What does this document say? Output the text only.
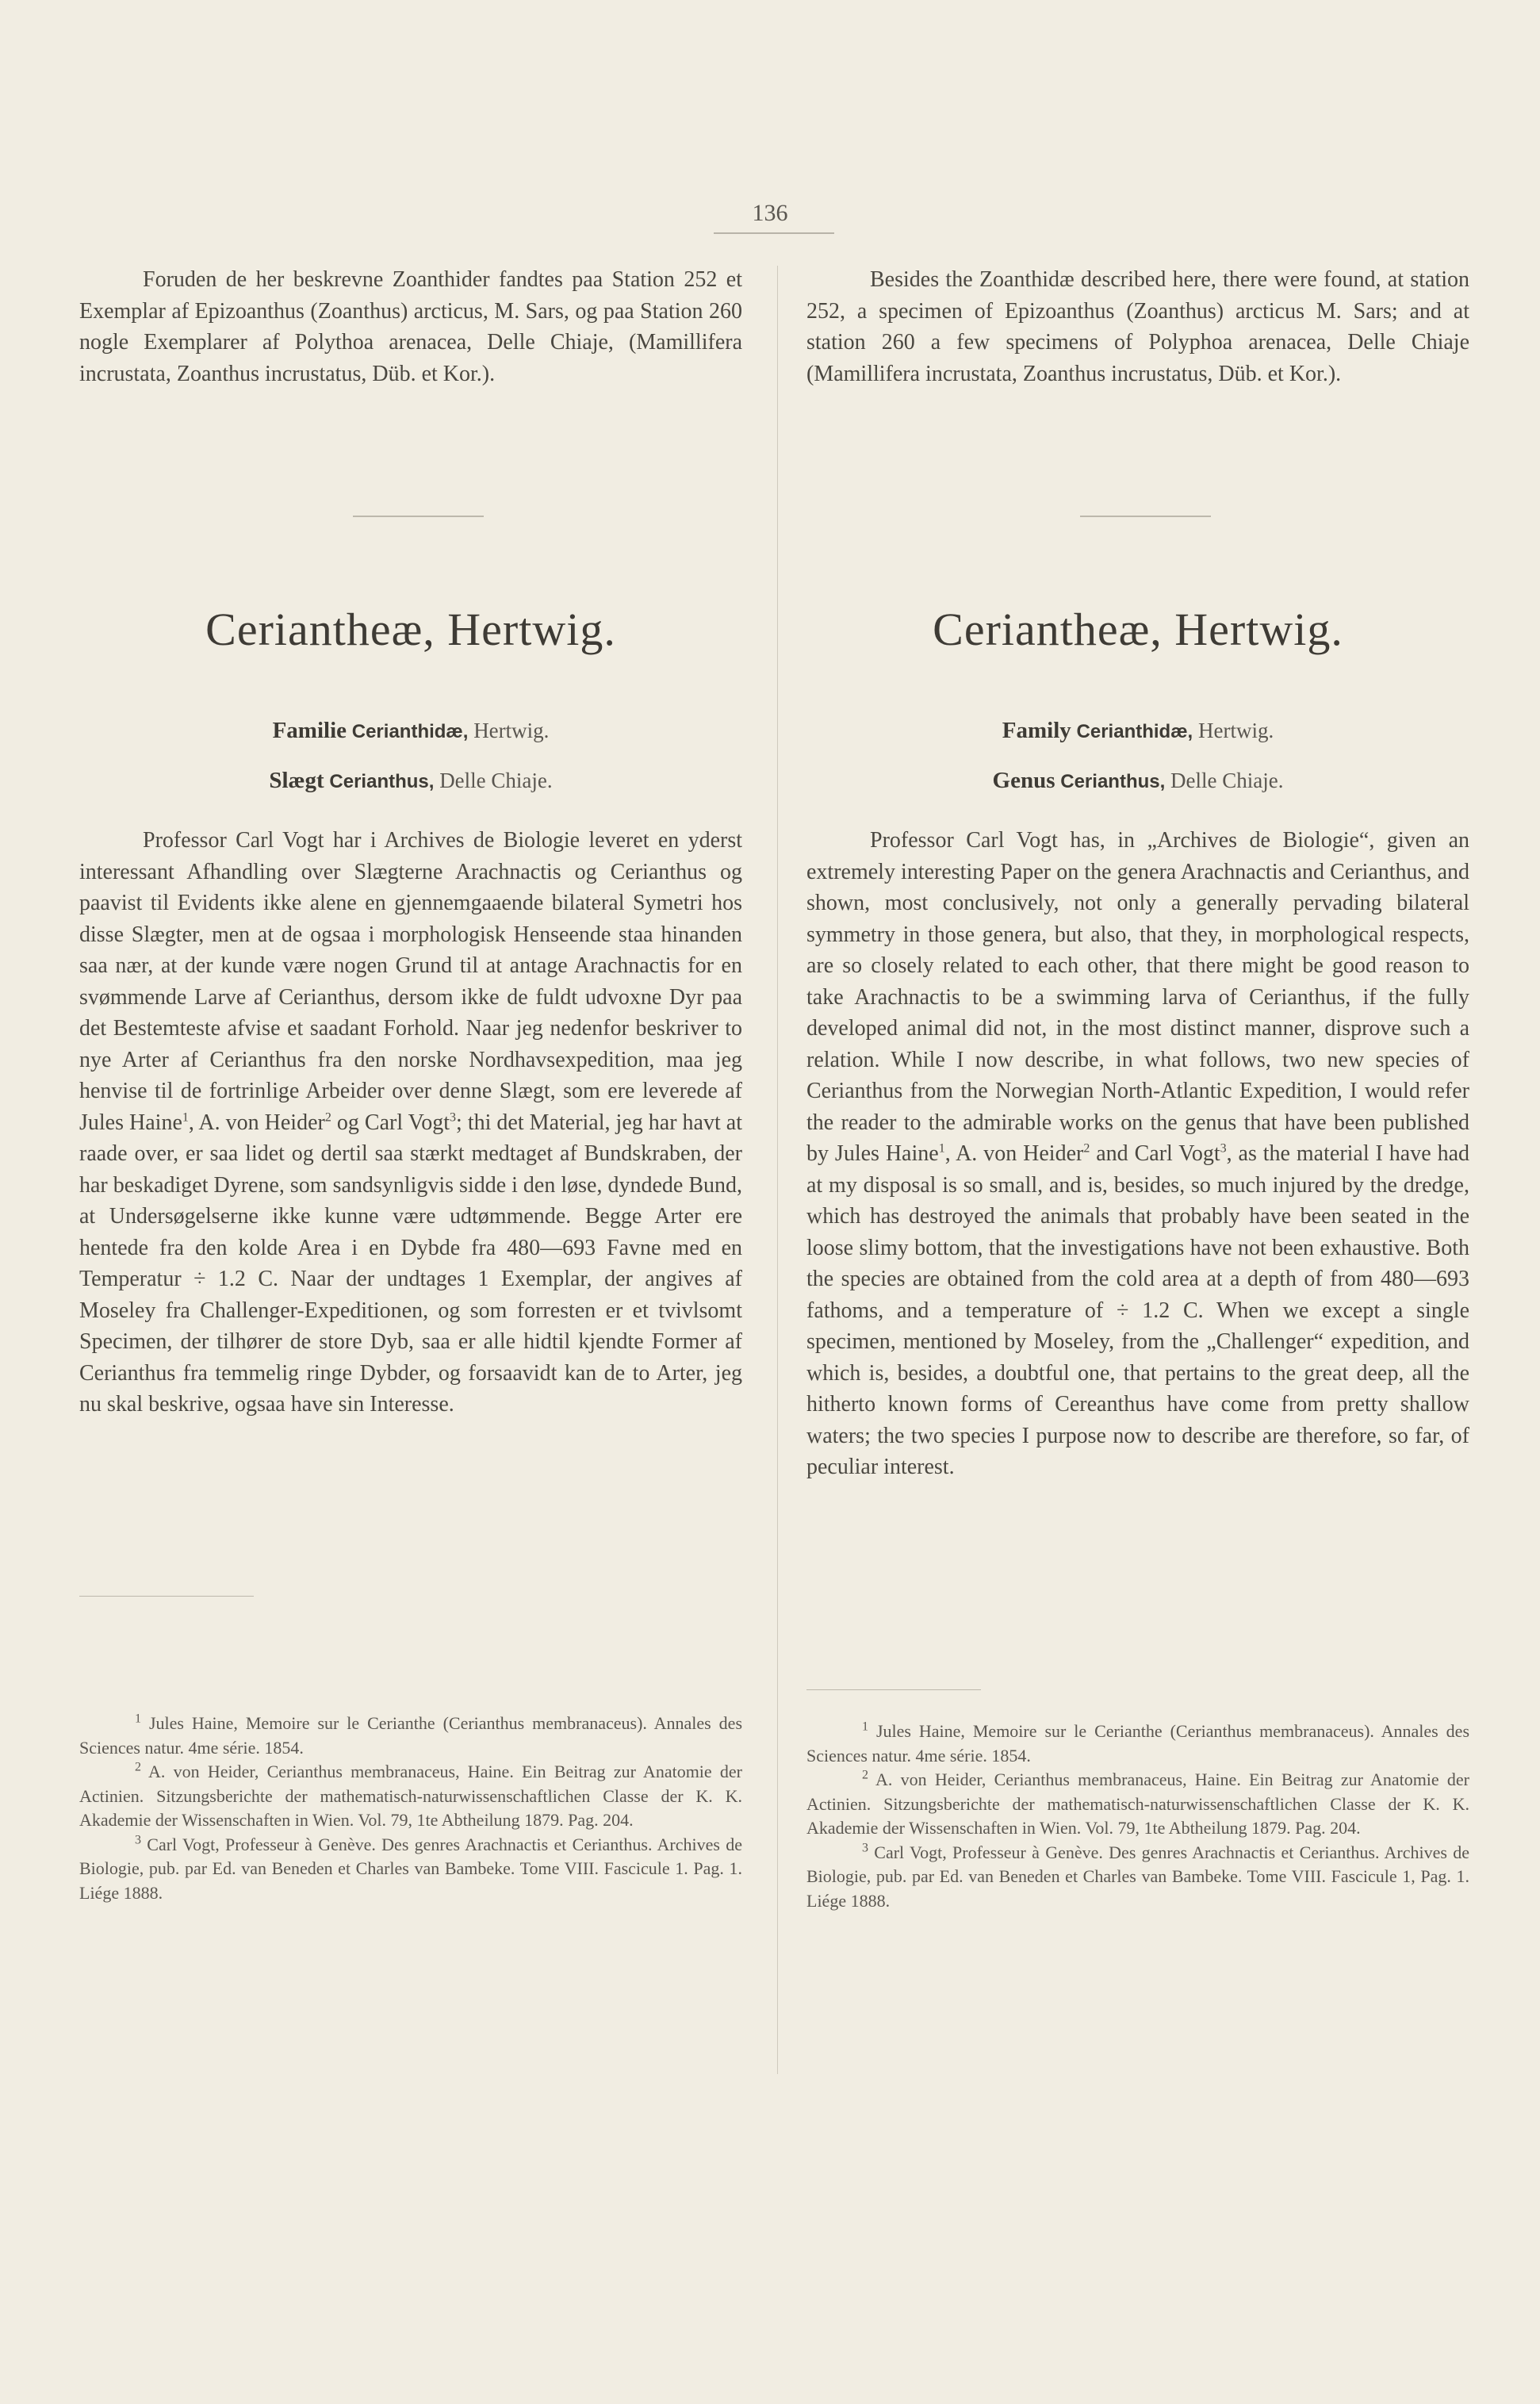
136

Foruden de her beskrevne Zoanthider fandtes paa Station 252 et Exemplar af Epizoanthus (Zoanthus) arcticus, M. Sars, og paa Station 260 nogle Exemplarer af Polythoa arenacea, Delle Chiaje, (Mamillifera incrustata, Zoanthus incrustatus, Düb. et Kor.).

Ceriantheæ, Hertwig.
Familie Cerianthidæ, Hertwig.
Slægt Cerianthus, Delle Chiaje.

Professor Carl Vogt har i Archives de Biologie leveret en yderst interessant Afhandling over Slægterne Arachnactis og Cerianthus og paavist til Evidents ikke alene en gjennemgaaende bilateral Symetri hos disse Slægter, men at de ogsaa i morphologisk Henseende staa hinanden saa nær, at der kunde være nogen Grund til at antage Arachnactis for en svømmende Larve af Cerianthus, dersom ikke de fuldt udvoxne Dyr paa det Bestemteste afvise et saadant Forhold. Naar jeg nedenfor beskriver to nye Arter af Cerianthus fra den norske Nordhavsexpedition, maa jeg henvise til de fortrinlige Arbeider over denne Slægt, som ere leverede af Jules Haine$^1$, A. von Heider$^2$ og Carl Vogt$^3$; thi det Material, jeg har havt at raade over, er saa lidet og dertil saa stærkt medtaget af Bundskraben, der har beskadiget Dyrene, som sandsynligvis sidde i den løse, dyndede Bund, at Undersøgelserne ikke kunne være udtømmende. Begge Arter ere hentede fra den kolde Area i en Dybde fra 480—693 Favne med en Temperatur ÷ 1.2 C. Naar der undtages 1 Exemplar, der angives af Moseley fra Challenger-Expeditionen, og som forresten er et tvivlsomt Specimen, der tilhører de store Dyb, saa er alle hidtil kjendte Former af Cerianthus fra temmelig ringe Dybder, og forsaavidt kan de to Arter, jeg nu skal beskrive, ogsaa have sin Interesse.

$^1$ Jules Haine, Memoire sur le Cerianthe (Cerianthus membranaceus). Annales des Sciences natur. 4me série. 1854.

$^2$ A. von Heider, Cerianthus membranaceus, Haine. Ein Beitrag zur Anatomie der Actinien. Sitzungsberichte der mathematisch-naturwissenschaftlichen Classe der K. K. Akademie der Wissenschaften in Wien. Vol. 79, 1te Abtheilung 1879. Pag. 204.

$^3$ Carl Vogt, Professeur à Genève. Des genres Arachnactis et Cerianthus. Archives de Biologie, pub. par Ed. van Beneden et Charles van Bambeke. Tome VIII. Fascicule 1. Pag. 1. Liége 1888.

Besides the Zoanthidæ described here, there were found, at station 252, a specimen of Epizoanthus (Zoanthus) arcticus M. Sars; and at station 260 a few specimens of Polyphoa arenacea, Delle Chiaje (Mamillifera incrustata, Zoanthus incrustatus, Düb. et Kor.).

Ceriantheæ, Hertwig.
Family Cerianthidæ, Hertwig.
Genus Cerianthus, Delle Chiaje.

Professor Carl Vogt has, in „Archives de Biologie“, given an extremely interesting Paper on the genera Arachnactis and Cerianthus, and shown, most conclusively, not only a generally pervading bilateral symmetry in those genera, but also, that they, in morphological respects, are so closely related to each other, that there might be good reason to take Arachnactis to be a swimming larva of Cerianthus, if the fully developed animal did not, in the most distinct manner, disprove such a relation. While I now describe, in what follows, two new species of Cerianthus from the Norwegian North-Atlantic Expedition, I would refer the reader to the admirable works on the genus that have been published by Jules Haine$^1$, A. von Heider$^2$ and Carl Vogt$^3$, as the material I have had at my disposal is so small, and is, besides, so much injured by the dredge, which has destroyed the animals that probably have been seated in the loose slimy bottom, that the investigations have not been exhaustive. Both the species are obtained from the cold area at a depth of from 480—693 fathoms, and a temperature of ÷ 1.2 C. When we except a single specimen, mentioned by Moseley, from the „Challenger“ expedition, and which is, besides, a doubtful one, that pertains to the great deep, all the hitherto known forms of Cereanthus have come from pretty shallow waters; the two species I purpose now to describe are therefore, so far, of peculiar interest.

$^1$ Jules Haine, Memoire sur le Cerianthe (Cerianthus membranaceus). Annales des Sciences natur. 4me série. 1854.

$^2$ A. von Heider, Cerianthus membranaceus, Haine. Ein Beitrag zur Anatomie der Actinien. Sitzungsberichte der mathematisch-naturwissenschaftlichen Classe der K. K. Akademie der Wissenschaften in Wien. Vol. 79, 1te Abtheilung 1879. Pag. 204.

$^3$ Carl Vogt, Professeur à Genève. Des genres Arachnactis et Cerianthus. Archives de Biologie, pub. par Ed. van Beneden et Charles van Bambeke. Tome VIII. Fascicule 1, Pag. 1. Liége 1888.
